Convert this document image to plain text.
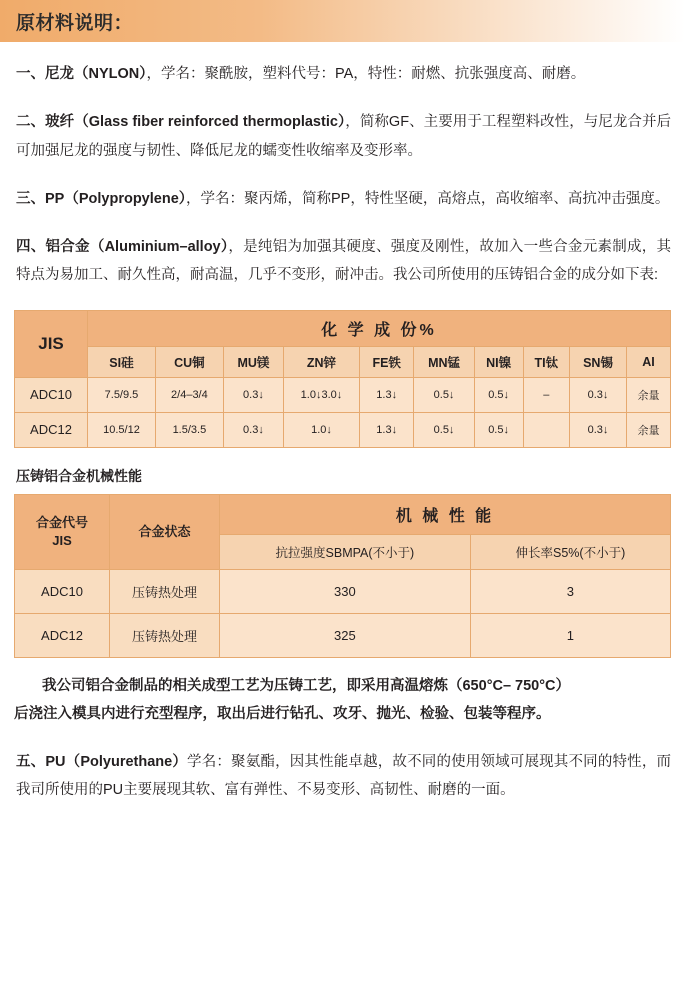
原材料说明：

一、尼龙（NYLON），学名：聚酰胺，塑料代号：PA，特性：耐燃、抗张强度高、耐磨。

二、玻纤（Glass fiber reinforced thermoplastic），简称GF、主要用于工程塑料改性，与尼龙合并后可加强尼龙的强度与韧性、降低尼龙的蠕变性收缩率及变形率。

三、PP（Polypropylene），学名：聚丙烯，简称PP，特性坚硬，高熔点，高收缩率、高抗冲击强度。

四、铝合金（Aluminium–alloy），是纯铝为加强其硬度、强度及刚性，故加入一些合金元素制成，其特点为易加工、耐久性高，耐高温，几乎不变形，耐冲击。我公司所使用的压铸铝合金的成分如下表:

JIS	化 学 成 份%									
	SI硅	CU铜	MU镁	ZN锌	FE铁	MN锰	NI镍	TI钛	SN锡	AI
ADC10	7.5/9.5	2/4–3/4	0.3↓	1.0↓3.0↓	1.3↓	0.5↓	0.5↓	–	0.3↓	余量
ADC12	10.5/12	1.5/3.5	0.3↓	1.0↓	1.3↓	0.5↓	0.5↓		0.3↓	余量
压铸铝合金机械性能
合金代号
JIS	合金状态	机 械 性 能	
		抗拉强度SBMPA(不小于)	伸长率S5%(不小于)
ADC10	压铸热处理	330	3
ADC12	压铸热处理	325	1
我公司铝合金制品的相关成型工艺为压铸工艺，即采用高温熔炼（650°C– 750°C）
后浇注入模具内进行充型程序，取出后进行钻孔、攻牙、抛光、检验、包装等程序。

五、PU（Polyurethane）学名：聚氨酯，因其性能卓越，故不同的使用领域可展现其不同的特性，而我司所使用的PU主要展现其软、富有弹性、不易变形、高韧性、耐磨的一面。
